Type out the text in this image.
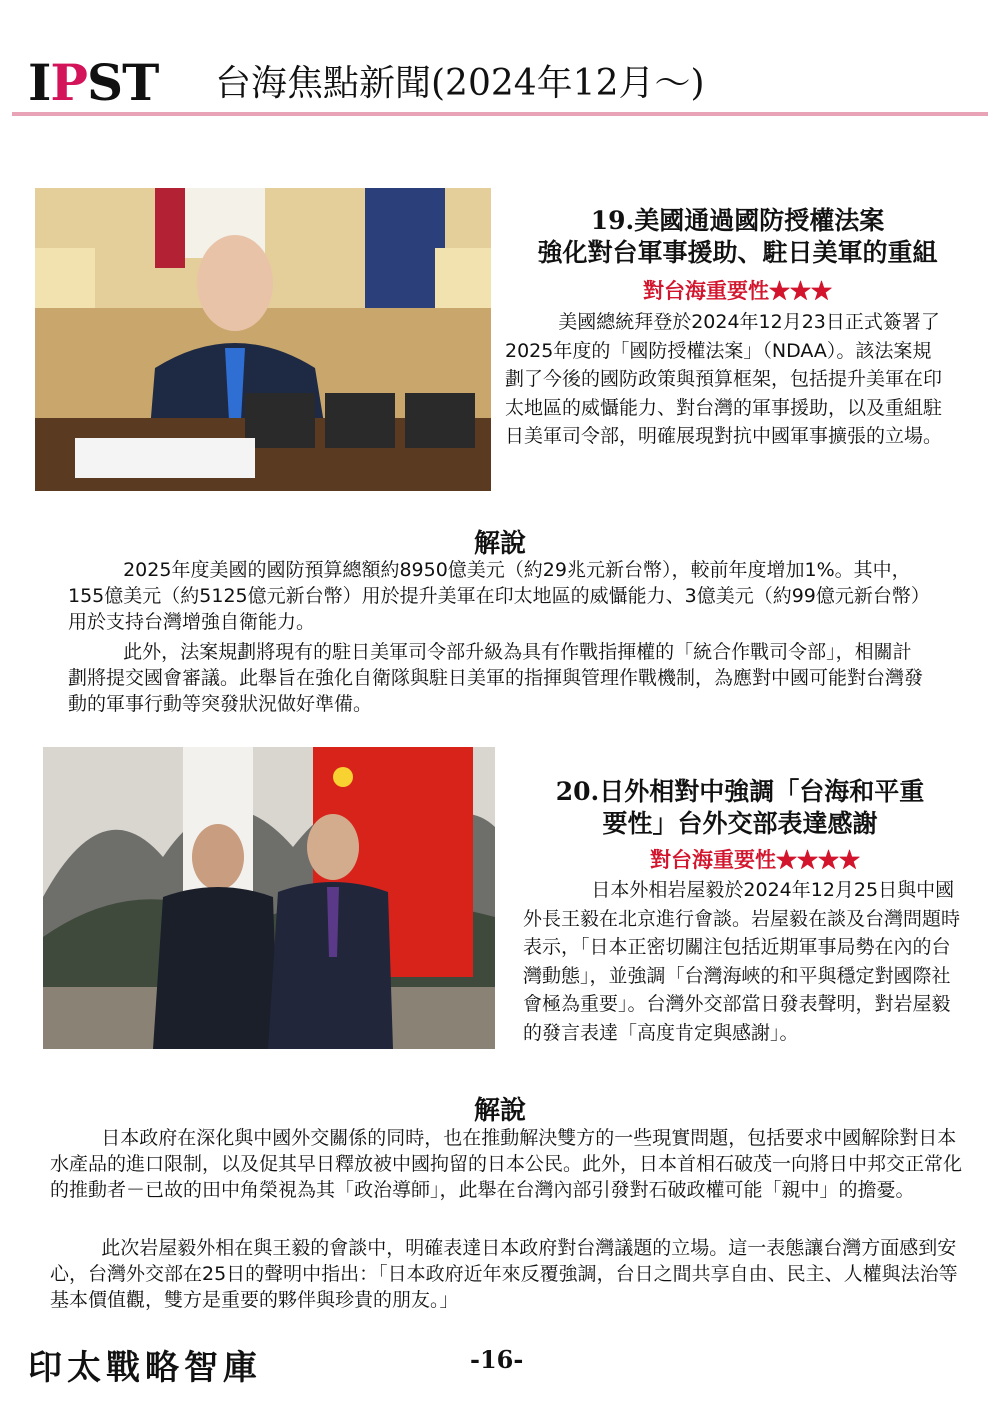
IPST 台海焦點新聞(2024年12月～)
19.美國通過國防授權法案
強化對台軍事援助、駐日美軍的重組
對台海重要性★★★
美國總統拜登於2024年12月23日正式簽署了2025年度的「國防授權法案」（NDAA）。該法案規劃了今後的國防政策與預算框架，包括提升美軍在印太地區的威懾能力、對台灣的軍事援助，以及重組駐日美軍司令部，明確展現對抗中國軍事擴張的立場。
解說
2025年度美國的國防預算總額約8950億美元（約29兆元新台幣），較前年度增加1%。其中，155億美元（約5125億元新台幣）用於提升美軍在印太地區的威懾能力、3億美元（約99億元新台幣）用於支持台灣增強自衛能力。
此外，法案規劃將現有的駐日美軍司令部升級為具有作戰指揮權的「統合作戰司令部」，相關計劃將提交國會審議。此舉旨在強化自衛隊與駐日美軍的指揮與管理作戰機制，為應對中國可能對台灣發動的軍事行動等突發狀況做好準備。
20.日外相對中強調「台海和平重
要性」台外交部表達感謝
對台海重要性★★★★
日本外相岩屋毅於2024年12月25日與中國外長王毅在北京進行會談。岩屋毅在談及台灣問題時表示，「日本正密切關注包括近期軍事局勢在內的台灣動態」，並強調「台灣海峽的和平與穩定對國際社會極為重要」。台灣外交部當日發表聲明，對岩屋毅的發言表達「高度肯定與感謝」。
解說
日本政府在深化與中國外交關係的同時，也在推動解決雙方的一些現實問題，包括要求中國解除對日本水產品的進口限制，以及促其早日釋放被中國拘留的日本公民。此外，日本首相石破茂一向將日中邦交正常化的推動者－已故的田中角榮視為其「政治導師」，此舉在台灣內部引發對石破政權可能「親中」的擔憂。
此次岩屋毅外相在與王毅的會談中，明確表達日本政府對台灣議題的立場。這一表態讓台灣方面感到安心，台灣外交部在25日的聲明中指出：「日本政府近年來反覆強調，台日之間共享自由、民主、人權與法治等基本價值觀，雙方是重要的夥伴與珍貴的朋友。」
印太戰略智庫	-16-
